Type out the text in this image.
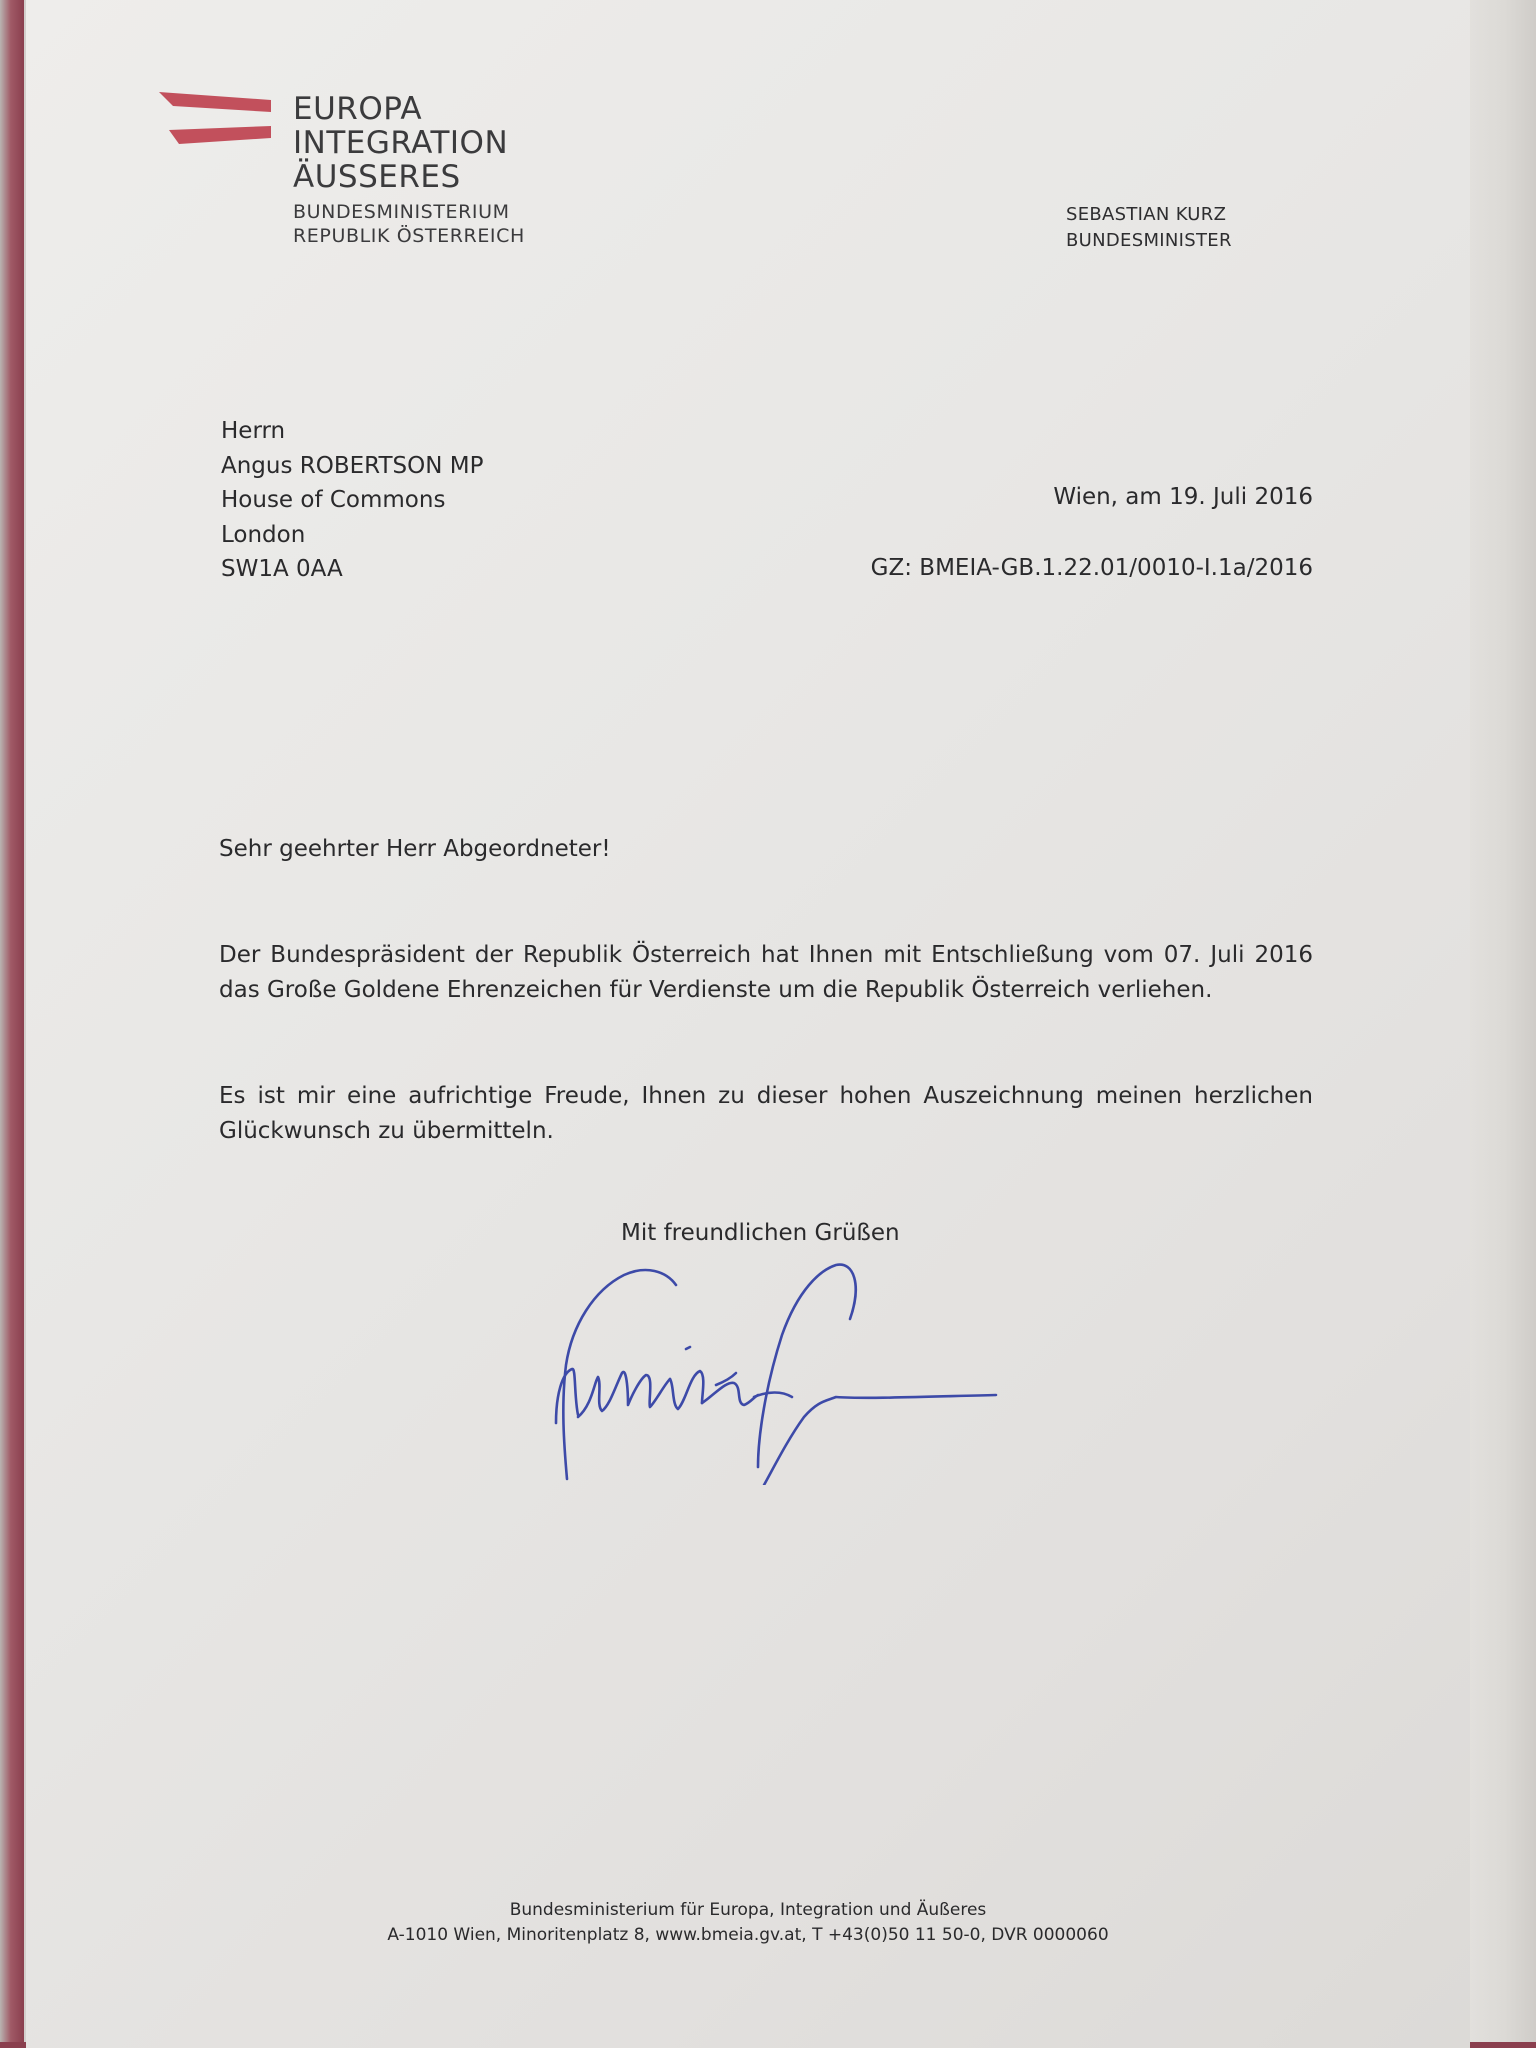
EUROPA
INTEGRATION
ÄUSSERES
BUNDESMINISTERIUM
REPUBLIK ÖSTERREICH
SEBASTIAN KURZ
BUNDESMINISTER
Herrn
Angus ROBERTSON MP
House of Commons
London
SW1A 0AA
Wien, am 19. Juli 2016
GZ: BMEIA-GB.1.22.01/0010-I.1a/2016
Sehr geehrter Herr Abgeordneter!

Der Bundespräsident der Republik Österreich hat Ihnen mit Entschließung vom 07. Juli 2016 das Große Goldene Ehrenzeichen für Verdienste um die Republik Österreich verliehen.

Es ist mir eine aufrichtige Freude, Ihnen zu dieser hohen Auszeichnung meinen herzlichen Glückwunsch zu übermitteln.

Mit freundlichen Grüßen
Bundesministerium für Europa, Integration und Äußeres
A-1010 Wien, Minoritenplatz 8, www.bmeia.gv.at, T +43(0)50 11 50-0, DVR 0000060
